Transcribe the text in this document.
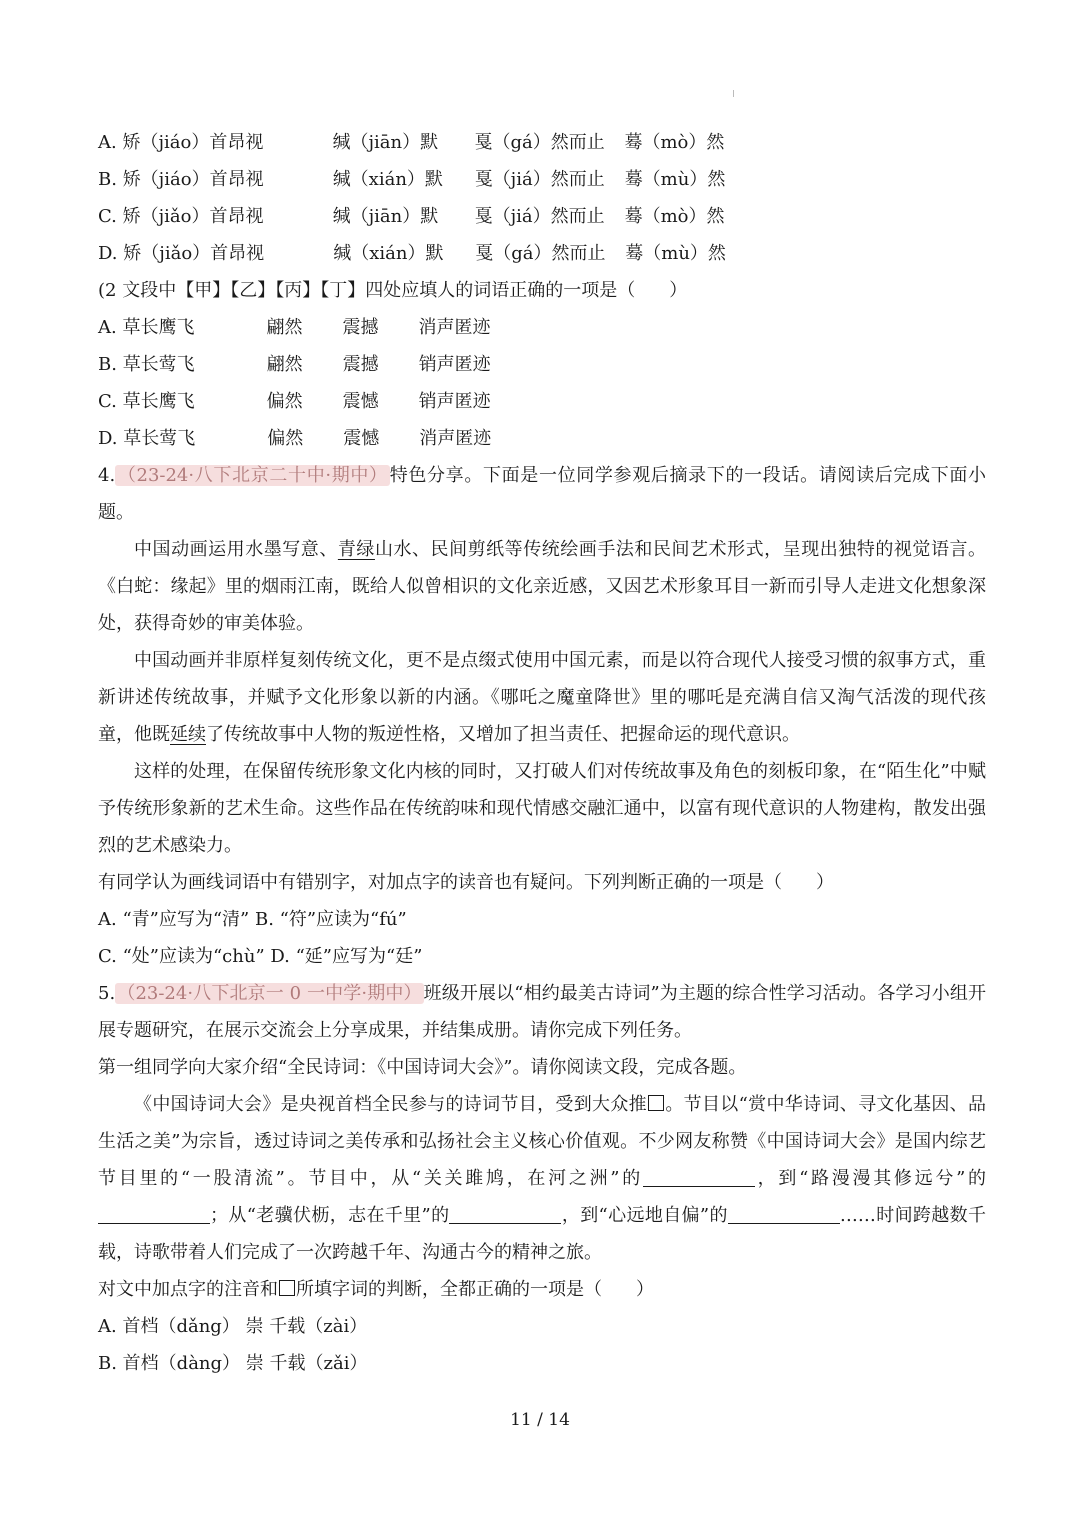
A. 矫（jiáo）首昂视	缄（jiān）默 戛（gá）然而止 蓦（mò）然
B. 矫（jiáo）首昂视	缄（xián）默 戛（jiá）然而止 蓦（mù）然
C. 矫（jiǎo）首昂视	缄（jiān）默 戛（jiá）然而止 蓦（mò）然
D. 矫（jiǎo）首昂视	缄（xián）默 戛（gá）然而止 蓦（mù）然
(2 文段中【甲】【乙】【丙】【丁】四处应填人的词语正确的一项是（ ）
A. 草长鹰飞	翩然 震撼 消声匿迹
B. 草长莺飞	翩然 震撼 销声匿迹
C. 草长鹰飞	偏然 震憾 销声匿迹
D. 草长莺飞	偏然 震憾 消声匿迹

4. （23-24·八下北京二十中·期中） 特色分享。下面是一位同学参观后摘录下的一段话。请阅读后完成下面小题。

中国动画运用水墨写意、青绿山水、民间剪纸等传统绘画手法和民间艺术形式，呈现出独特的视觉语言。《白蛇：缘起》里的烟雨江南，既给人似曾相识的文化亲近感，又因艺术形象耳目一新而引导人走进文化想象深处，获得奇妙的审美体验。

中国动画并非原样复刻传统文化，更不是点缀式使用中国元素，而是以符合现代人接受习惯的叙事方式，重新讲述传统故事，并赋予文化形象以新的内涵。《哪吒之魔童降世》里的哪吒是充满自信又淘气活泼的现代孩童，他既延续了传统故事中人物的叛逆性格，又增加了担当责任、把握命运的现代意识。

这样的处理，在保留传统形象文化内核的同时，又打破人们对传统故事及角色的刻板印象，在“陌生化”中赋予传统形象新的艺术生命。这些作品在传统韵味和现代情感交融汇通中，以富有现代意识的人物建构，散发出强烈的艺术感染力。

有同学认为画线词语中有错别字，对加点字的读音也有疑问。下列判断正确的一项是（ ）
A. “青”应写为“清” B. “符”应读为“fú”
C. “处”应读为“chù” D. “延”应写为“廷”

5. （23-24·八下北京一 0 一中学·期中） 班级开展以“相约最美古诗词”为主题的综合性学习活动。各学习小组开展专题研究，在展示交流会上分享成果，并结集成册。请你完成下列任务。

第一组同学向大家介绍“全民诗词：《中国诗词大会》”。请你阅读文段，完成各题。

《中国诗词大会》是央视首档全民参与的诗词节目，受到大众推 。节目以“赏中华诗词、寻文化基因、品生活之美”为宗旨，透过诗词之美传承和弘扬社会主义核心价值观。不少网友称赞《中国诗词大会》是国内综艺节目里的“一股清流”。节目中，从“关关雎鸠，在河之洲”的	，到“路漫漫其修远兮”的；从“老骥伏枥，志在千里”的	，到“心远地自偏”的	……时间跨越数千载，诗歌带着人们完成了一次跨越千年、沟通古今的精神之旅。

对文中加点字的注音和 所填字词的判断，全都正确的一项是（ ）
A. 首档（dǎng） 崇 千载（zài）
B. 首档（dàng） 崇 千载（zǎi）
11 / 14
